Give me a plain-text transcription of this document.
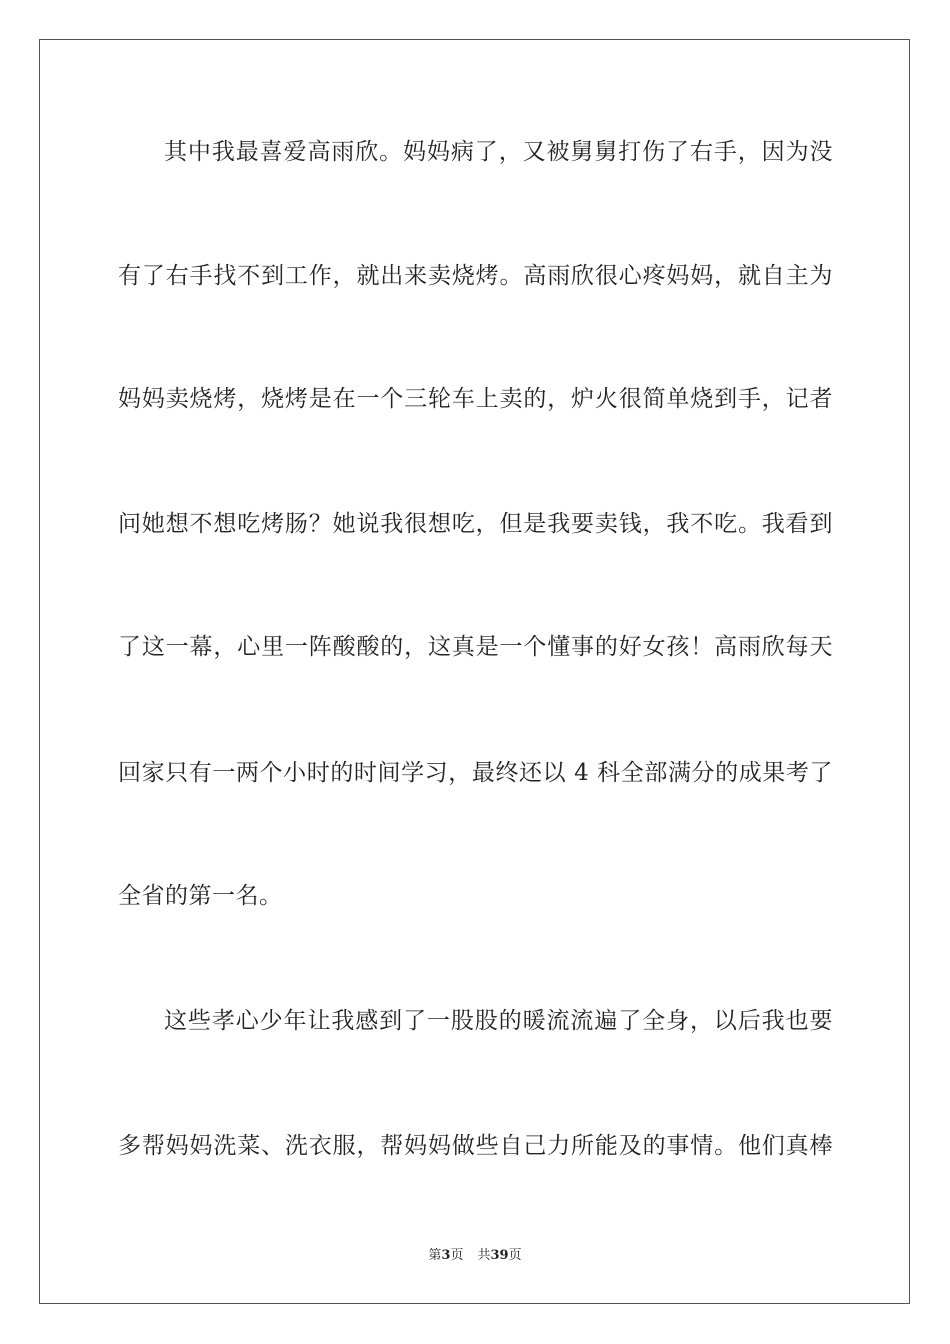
其中我最喜爱高雨欣。妈妈病了，又被舅舅打伤了右手，因为没
有了右手找不到工作，就出来卖烧烤。高雨欣很心疼妈妈，就自主为
妈妈卖烧烤，烧烤是在一个三轮车上卖的，炉火很简单烧到手，记者
问她想不想吃烤肠？她说我很想吃，但是我要卖钱，我不吃。我看到
了这一幕，心里一阵酸酸的，这真是一个懂事的好女孩！高雨欣每天
回家只有一两个小时的时间学习，最终还以 4 科全部满分的成果考了
全省的第一名。
这些孝心少年让我感到了一股股的暖流流遍了全身，以后我也要
多帮妈妈洗菜、洗衣服，帮妈妈做些自己力所能及的事情。他们真棒
第3页 共39页
